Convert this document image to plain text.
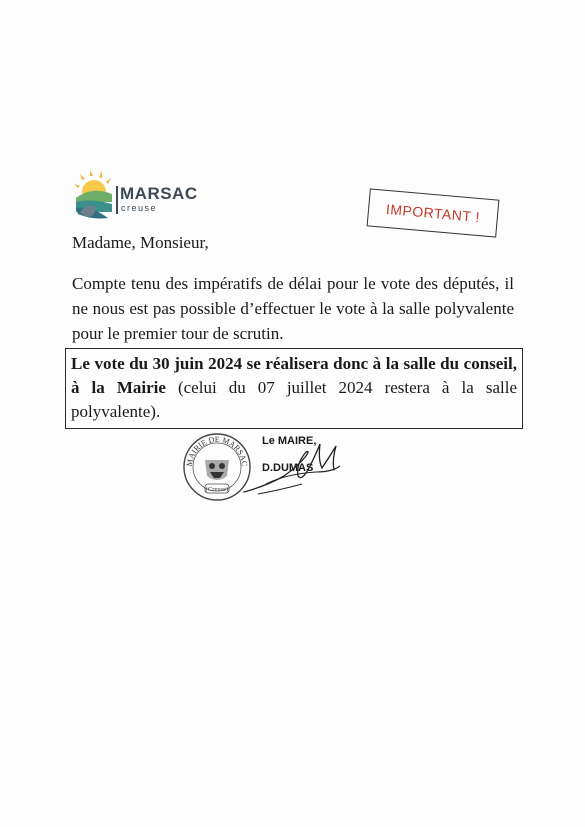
MARSAC
creuse	IMPORTANT !

Madame, Monsieur,

Compte tenu des impératifs de délai pour le vote des députés, il ne nous est pas possible d’effectuer le vote à la salle polyvalente pour le premier tour de scrutin.

Le vote du 30 juin 2024 se réalisera donc à la salle du conseil, à la Mairie (celui du 07 juillet 2024 restera à la salle polyvalente).

MAIRIE DE MARSAC
(Creuse)
Le MAIRE,
D.DUMAS
